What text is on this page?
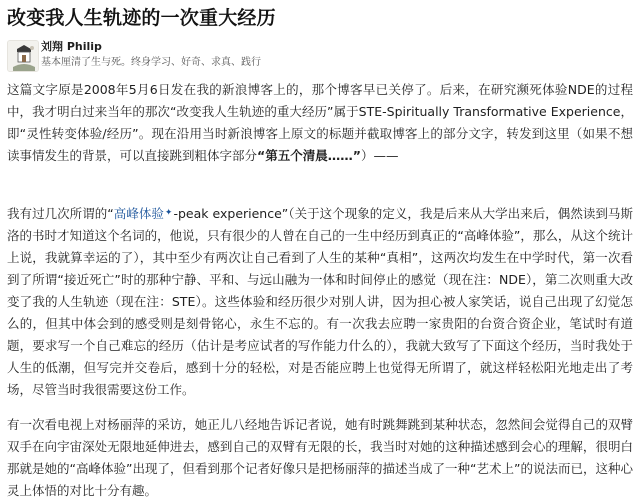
改变我人生轨迹的一次重大经历
刘翔 Philip
基本厘清了生与死。终身学习、好奇、求真、践行

这篇文字原是2008年5月6日发在我的新浪博客上的，那个博客早已关停了。后来，在研究濒死体验NDE的过程中，我才明白过来当年的那次“改变我人生轨迹的重大经历”属于STE-Spiritually Transformative Experience，即“灵性转变体验/经历”。现在沿用当时新浪博客上原文的标题并截取博客上的部分文字，转发到这里（如果不想读事情发生的背景，可以直接跳到粗体字部分“第五个清晨……”）——

我有过几次所谓的“高峰体验✦-peak experience”（关于这个现象的定义，我是后来从大学出来后，偶然读到马斯洛的书时才知道这个名词的，他说，只有很少的人曾在自己的一生中经历到真正的“高峰体验”，那么，从这个统计上说，我就算幸运的了），其中至少有两次让自己看到了人生的某种“真相”，这两次均发生在中学时代，第一次看到了所谓“接近死亡”时的那种宁静、平和、与远山融为一体和时间停止的感觉（现在注：NDE），第二次则重大改变了我的人生轨迹（现在注：STE）。这些体验和经历很少对别人讲，因为担心被人家笑话，说自己出现了幻觉怎么的，但其中体会到的感受则是刻骨铭心，永生不忘的。有一次我去应聘一家贵阳的台资合资企业，笔试时有道题，要求写一个自己难忘的经历（估计是考应试者的写作能力什么的），我就大致写了下面这个经历，当时我处于人生的低潮，但写完并交卷后，感到十分的轻松，对是否能应聘上也觉得无所谓了，就这样轻松阳光地走出了考场，尽管当时我很需要这份工作。

有一次看电视上对杨丽萍的采访，她正儿八经地告诉记者说，她有时跳舞跳到某种状态，忽然间会觉得自己的双臂双手在向宇宙深处无限地延伸进去，感到自己的双臂有无限的长，我当时对她的这种描述感到会心的理解，很明白那就是她的“高峰体验”出现了，但看到那个记者好像只是把杨丽萍的描述当成了一种“艺术上”的说法而已，这种心灵上体悟的对比十分有趣。
